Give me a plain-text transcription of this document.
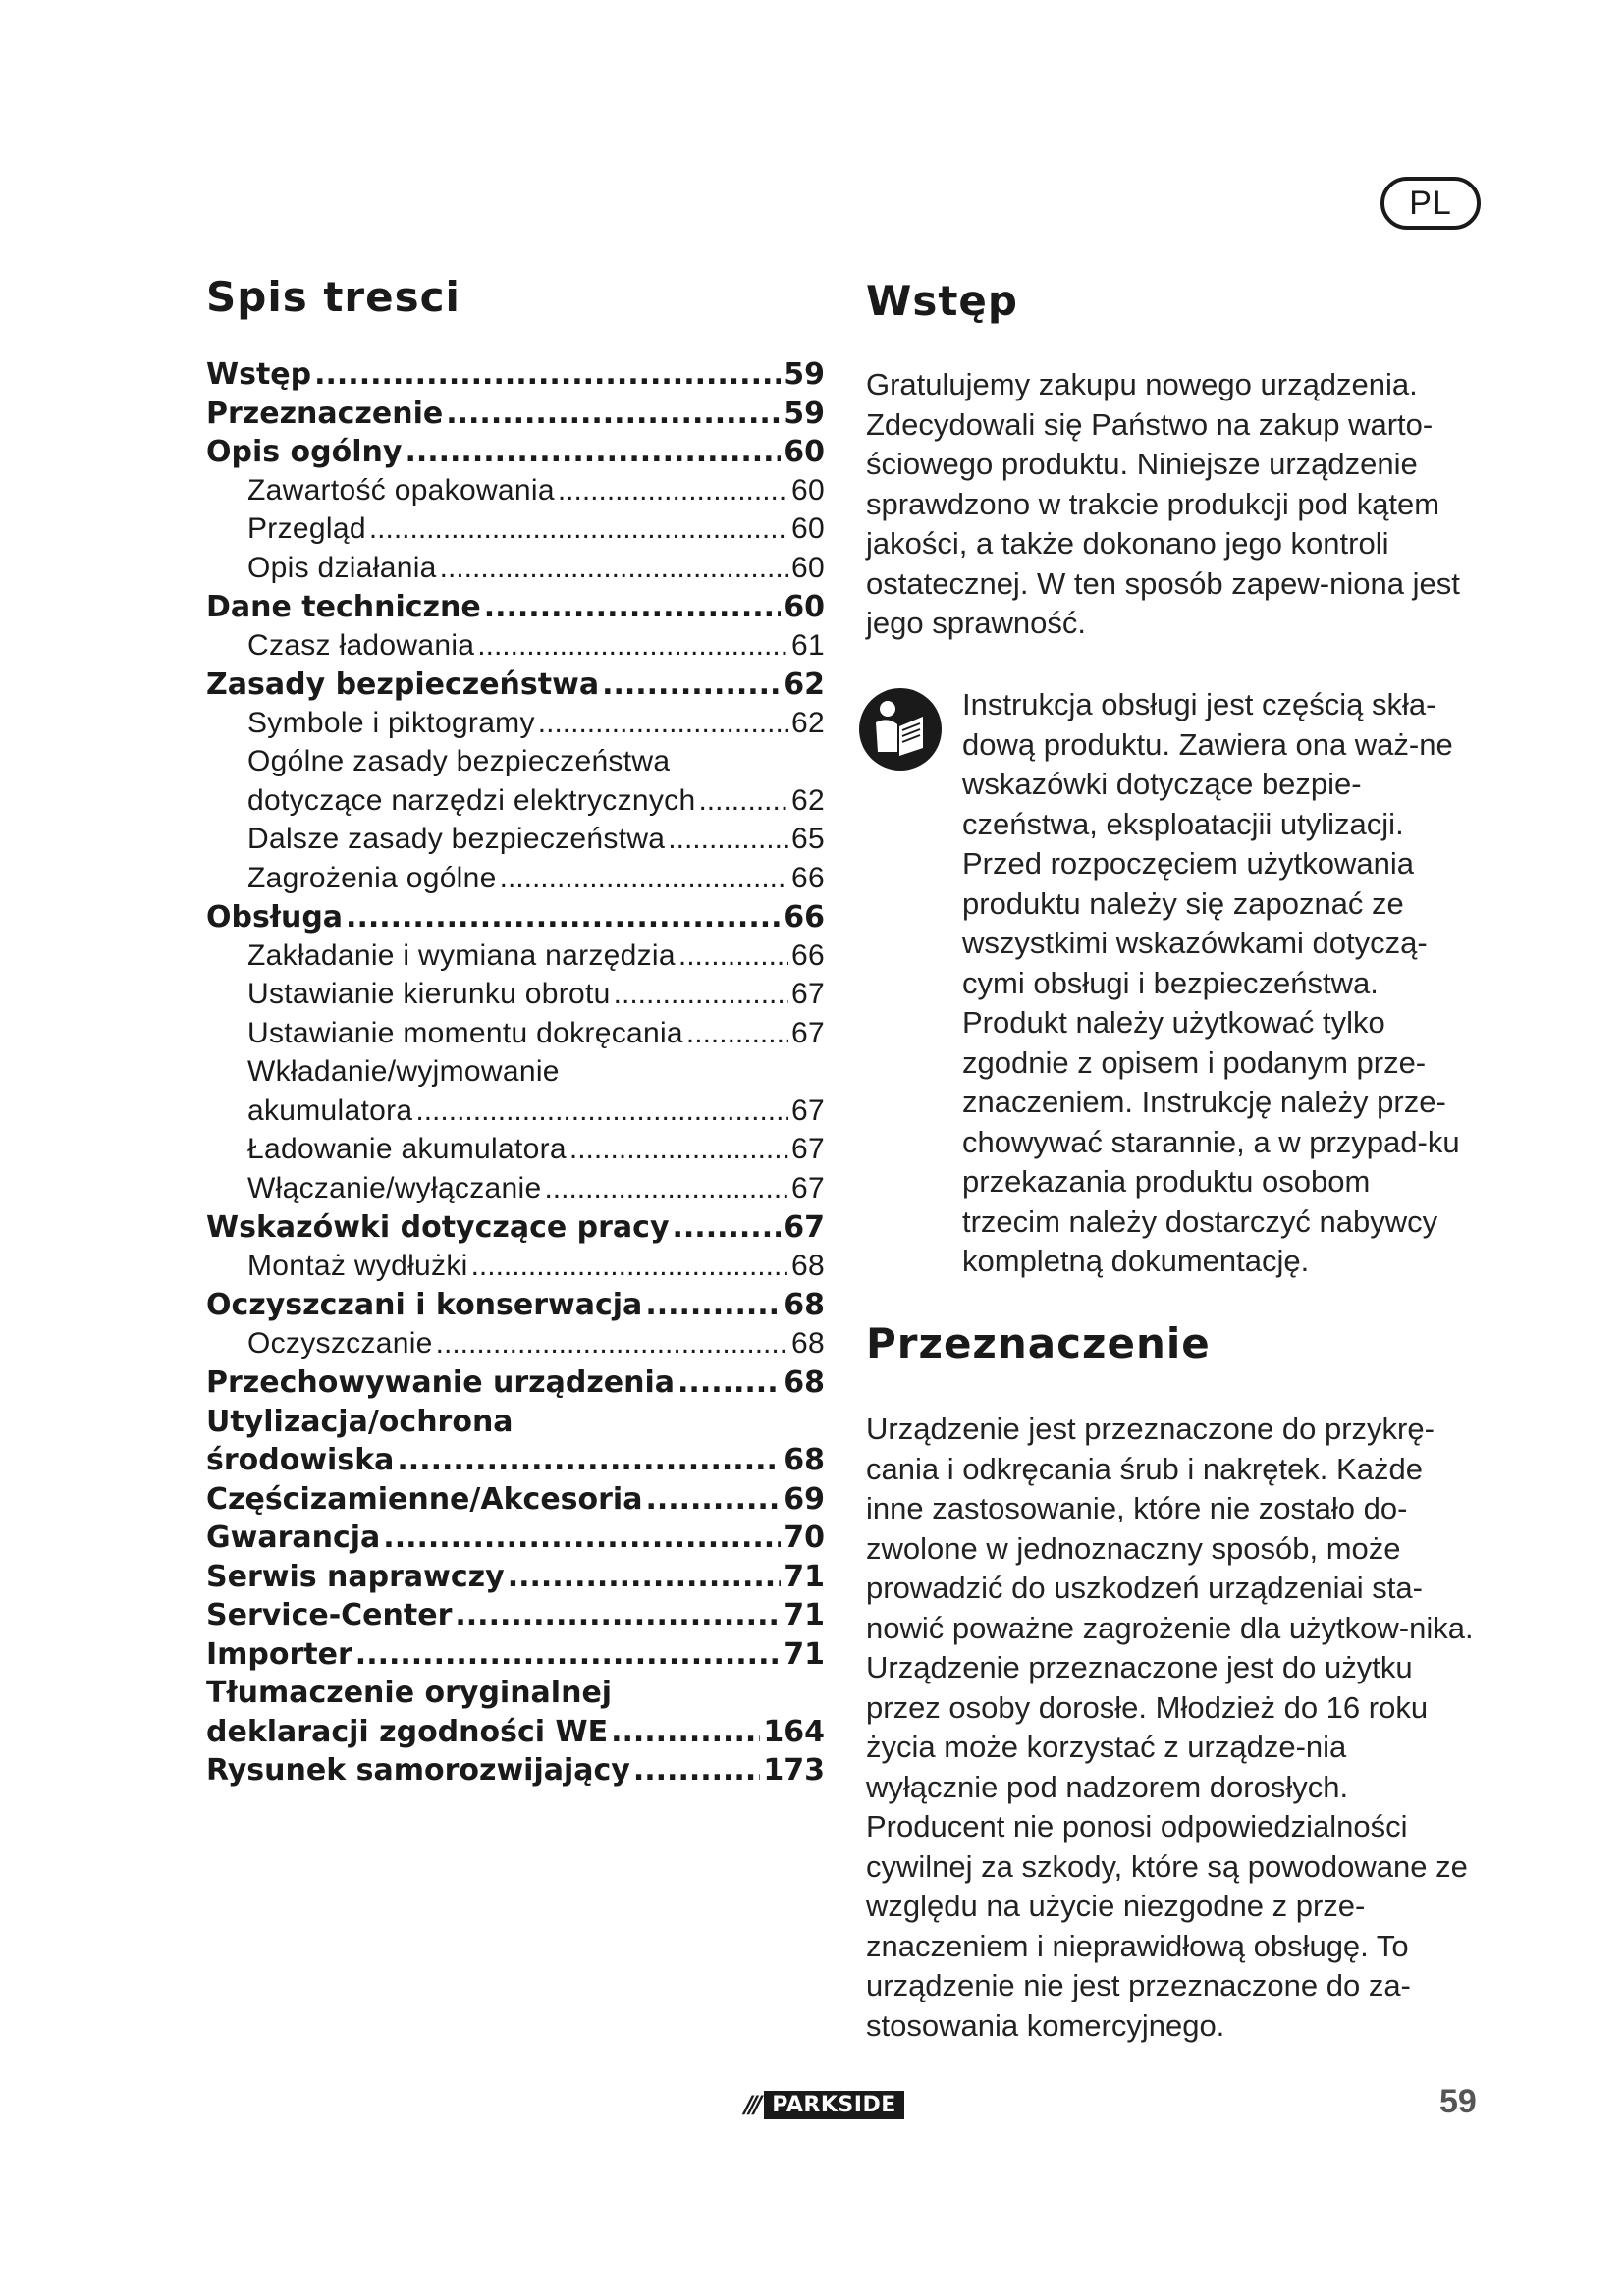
PL
Spis tresci
Wstęp .....	59
Przeznaczenie .....	59
Opis ogólny .....	60
Zawartość opakowania .....	60
Przegląd .....	60
Opis działania .....	60
Dane techniczne .....	60
Czasz ładowania .....	61
Zasady bezpieczeństwa .....	62
Symbole i piktogramy .....	62
Ogólne zasady bezpieczeństwa
dotyczące narzędzi elektrycznych .....	62
Dalsze zasady bezpieczeństwa .....	65
Zagrożenia ogólne .....	66
Obsługa .....	66
Zakładanie i wymiana narzędzia .....	66
Ustawianie kierunku obrotu .....	67
Ustawianie momentu dokręcania .....	67
Wkładanie/wyjmowanie
akumulatora .....	67
Ładowanie akumulatora .....	67
Włączanie/wyłączanie .....	67
Wskazówki dotyczące pracy .....	67
Montaż wydłużki .....	68
Oczyszczani i konserwacja .....	68
Oczyszczanie .....	68
Przechowywanie urządzenia .....	68
Utylizacja/ochrona
środowiska .....	68
Częścizamienne/Akcesoria .....	69
Gwarancja .....	70
Serwis naprawczy .....	71
Service-Center .....	71
Importer .....	71
Tłumaczenie oryginalnej
deklaracji zgodności WE .....	164
Rysunek samorozwijający .....	173
Wstęp

Gratulujemy zakupu nowego urządzenia. Zdecydowali się Państwo na zakup warto-ściowego produktu. Niniejsze urządzenie sprawdzono w trakcie produkcji pod kątem jakości, a także dokonano jego kontroli ostatecznej. W ten sposób zapew-niona jest jego sprawność.

Instrukcja obsługi jest częścią skła-dową produktu. Zawiera ona waż-ne wskazówki dotyczące bezpie-czeństwa, eksploatacjii utylizacji. Przed rozpoczęciem użytkowania produktu należy się zapoznać ze wszystkimi wskazówkami dotyczą-cymi obsługi i bezpieczeństwa. Produkt należy użytkować tylko zgodnie z opisem i podanym prze-znaczeniem. Instrukcję należy prze-chowywać starannie, a w przypad-ku przekazania produktu osobom trzecim należy dostarczyć nabywcy kompletną dokumentację.

Przeznaczenie

Urządzenie jest przeznaczone do przykrę-cania i odkręcania śrub i nakrętek. Każde inne zastosowanie, które nie zostało do-zwolone w jednoznaczny sposób, może prowadzić do uszkodzeń urządzeniai sta-nowić poważne zagrożenie dla użytkow-nika. Urządzenie przeznaczone jest do użytku przez osoby dorosłe. Młodzież do 16 roku życia może korzystać z urządze-nia wyłącznie pod nadzorem dorosłych. Producent nie ponosi odpowiedzialności cywilnej za szkody, które są powodowane ze względu na użycie niezgodne z prze-znaczeniem i nieprawidłową obsługę. To urządzenie nie jest przeznaczone do za-stosowania komercyjnego.

/// PARKSIDE	59
